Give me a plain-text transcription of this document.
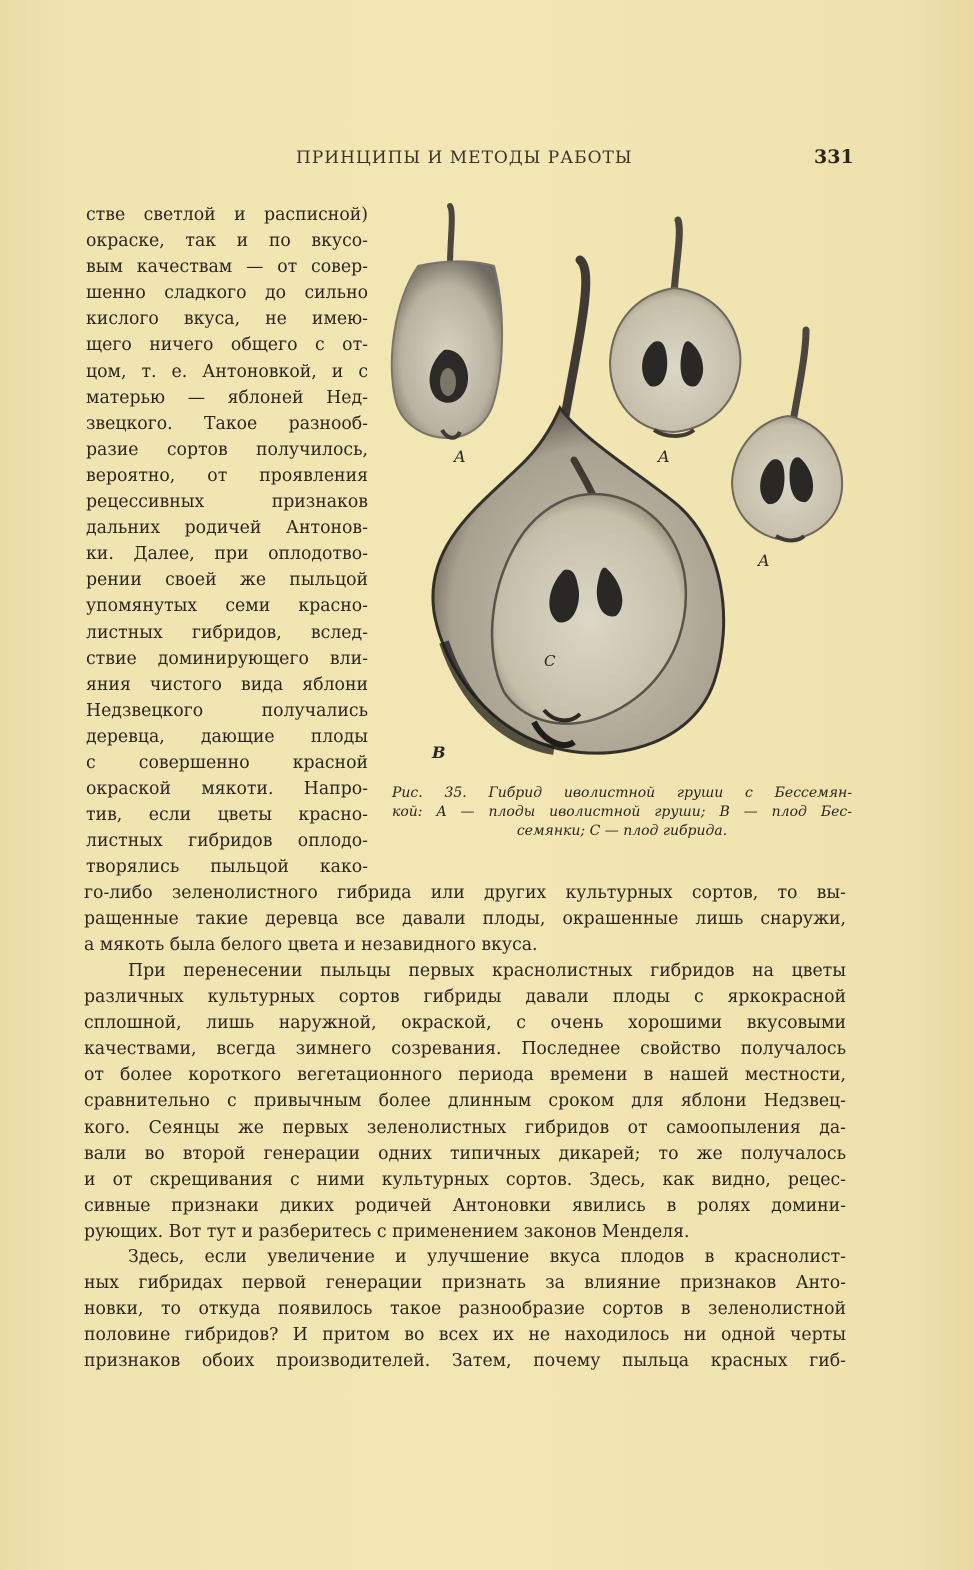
ПРИНЦИПЫ И МЕТОДЫ РАБОТЫ	331
стве светлой и расписной)
окраске, так и по вкусо-
вым качествам — от совер-
шенно сладкого до сильно
кислого вкуса, не имею-
щего ничего общего с от-
цом, т. е. Антоновкой, и с
матерью — яблоней Нед-
звецкого. Такое разнооб-
разие сортов получилось,
вероятно, от проявления
рецессивных признаков
дальних родичей Антонов-
ки. Далее, при оплодотво-
рении своей же пыльцой
упомянутых семи красно-
листных гибридов, вслед-
ствие доминирующего вли-
яния чистого вида яблони
Недзвецкого получались
деревца, дающие плоды
с совершенно красной
окраской мякоти. Напро-
тив, если цветы красно-
листных гибридов оплодо-
творялись пыльцой како-
A	A
A
B
C
Рис. 35. Гибрид иволистной груши с Бессемян-
кой: A — плоды иволистной груши; B — плод Бес-
семянки; C — плод гибрида.
го-либо зеленолистного гибрида или других культурных сортов, то вы-
ращенные такие деревца все давали плоды, окрашенные лишь снаружи,
а мякоть была белого цвета и незавидного вкуса.
При перенесении пыльцы первых краснолистных гибридов на цветы
различных культурных сортов гибриды давали плоды с яркокрасной
сплошной, лишь наружной, окраской, с очень хорошими вкусовыми
качествами, всегда зимнего созревания. Последнее свойство получалось
от более короткого вегетационного периода времени в нашей местности,
сравнительно с привычным более длинным сроком для яблони Недзвец-
кого. Сеянцы же первых зеленолистных гибридов от самоопыления да-
вали во второй генерации одних типичных дикарей; то же получалось
и от скрещивания с ними культурных сортов. Здесь, как видно, рецес-
сивные признаки диких родичей Антоновки явились в ролях домини-
рующих. Вот тут и разберитесь с применением законов Менделя.
Здесь, если увеличение и улучшение вкуса плодов в краснолист-
ных гибридах первой генерации признать за влияние признаков Анто-
новки, то откуда появилось такое разнообразие сортов в зеленолистной
половине гибридов? И притом во всех их не находилось ни одной черты
признаков обоих производителей. Затем, почему пыльца красных гиб-
